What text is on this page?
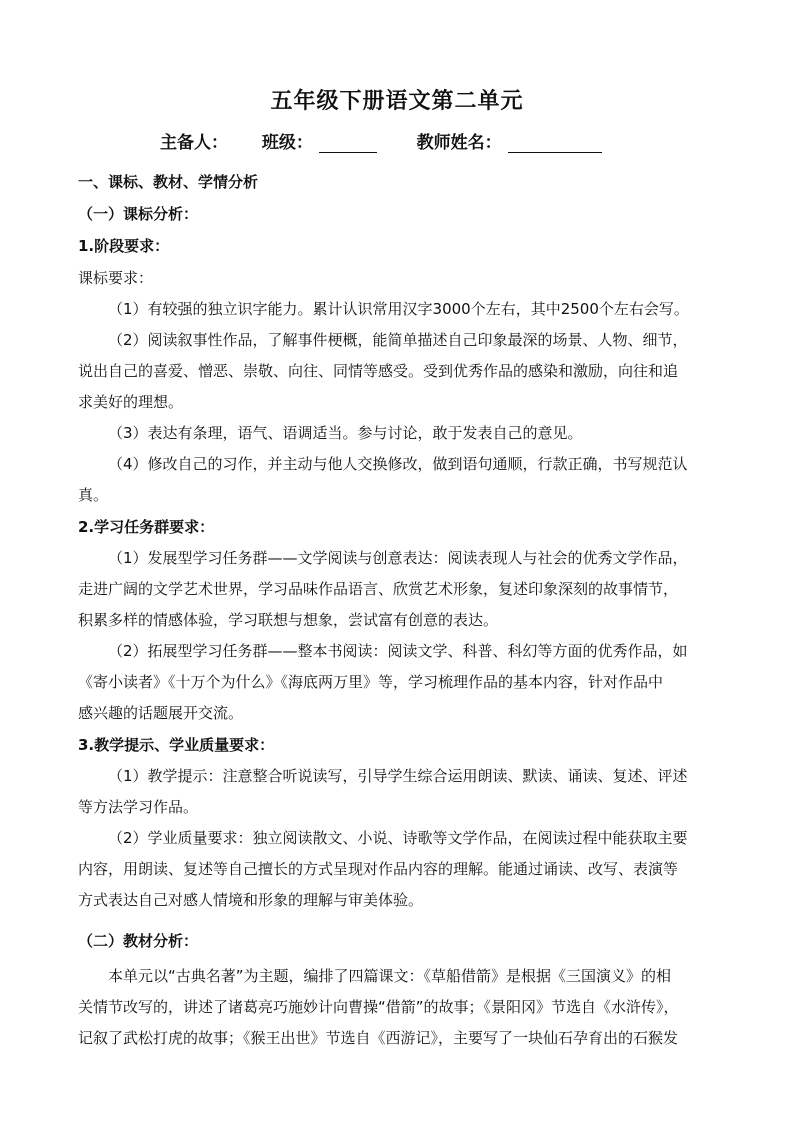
五年级下册语文第二单元
主备人： 班级：	教师姓名：
一、课标、教材、学情分析
（一）课标分析：
1.阶段要求：
课标要求：
（1）有较强的独立识字能力。累计认识常用汉字3000个左右，其中2500个左右会写。
（2）阅读叙事性作品，了解事件梗概，能简单描述自己印象最深的场景、人物、细节，
说出自己的喜爱、憎恶、崇敬、向往、同情等感受。受到优秀作品的感染和激励，向往和追
求美好的理想。
（3）表达有条理，语气、语调适当。参与讨论，敢于发表自己的意见。
（4）修改自己的习作，并主动与他人交换修改，做到语句通顺，行款正确，书写规范认
真。
2.学习任务群要求：
（1）发展型学习任务群——文学阅读与创意表达：阅读表现人与社会的优秀文学作品，
走进广阔的文学艺术世界，学习品味作品语言、欣赏艺术形象，复述印象深刻的故事情节，
积累多样的情感体验，学习联想与想象，尝试富有创意的表达。
（2）拓展型学习任务群——整本书阅读：阅读文学、科普、科幻等方面的优秀作品，如
《寄小读者》《十万个为什么》《海底两万里》等，学习梳理作品的基本内容，针对作品中
感兴趣的话题展开交流。
3.教学提示、学业质量要求：
（1）教学提示：注意整合听说读写，引导学生综合运用朗读、默读、诵读、复述、评述
等方法学习作品。
（2）学业质量要求：独立阅读散文、小说、诗歌等文学作品，在阅读过程中能获取主要
内容，用朗读、复述等自己擅长的方式呈现对作品内容的理解。能通过诵读、改写、表演等
方式表达自己对感人情境和形象的理解与审美体验。
（二）教材分析：
本单元以“古典名著”为主题，编排了四篇课文：《草船借箭》是根据《三国演义》的相
关情节改写的，讲述了诸葛亮巧施妙计向曹操“借箭”的故事；《景阳冈》节选自《水浒传》，
记叙了武松打虎的故事；《猴王出世》节选自《西游记》，主要写了一块仙石孕育出的石猴发
